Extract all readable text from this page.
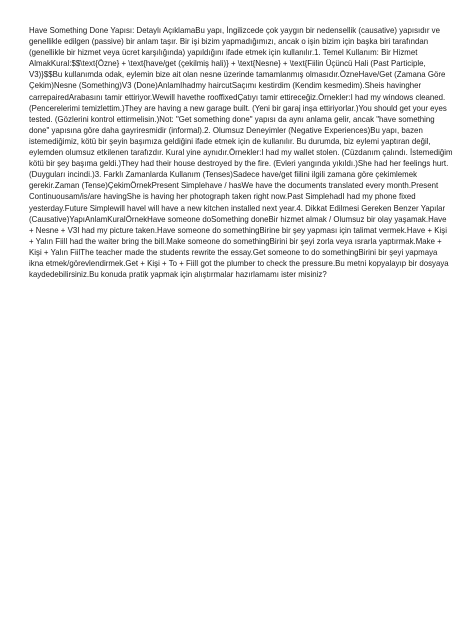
Have Something Done Yapısı: Detaylı AçıklamaBu yapı, İngilizcede çok yaygın bir nedensellik (causative) yapısıdır ve genellikle edilgen (passive) bir anlam taşır. Bir işi bizim yapmadığımızı, ancak o işin bizim için başka biri tarafından (genellikle bir hizmet veya ücret karşılığında) yapıldığını ifade etmek için kullanılır.1. Temel Kullanım: Bir Hizmet AlmakKural:$$\text{Özne} + \text{have/get (çekilmiş hali)} + \text{Nesne} + \text{Fiilin Üçüncü Hali (Past Participle, V3)}$$Bu kullanımda odak, eylemin bize ait olan nesne üzerinde tamamlanmış olmasıdır.ÖzneHave/Get (Zamana Göre Çekim)Nesne (Something)V3 (Done)AnlamIhadmy haircutSaçımı kestirdim (Kendim kesmedim).Sheis havingher carrepairedArabasını tamir ettiriyor.Wewill havethe rooffixedÇatıyı tamir ettireceğiz.Örnekler:I had my windows cleaned. (Pencerelerimi temizlettim.)They are having a new garage built. (Yeni bir garaj inşa ettiriyorlar.)You should get your eyes tested. (Gözlerini kontrol ettirmelisin.)Not: "Get something done" yapısı da aynı anlama gelir, ancak "have something done" yapısına göre daha gayriresmidir (informal).2. Olumsuz Deneyimler (Negative Experiences)Bu yapı, bazen istemediğimiz, kötü bir şeyin başımıza geldiğini ifade etmek için de kullanılır. Bu durumda, biz eylemi yaptıran değil, eylemden olumsuz etkilenen tarafızdır. Kural yine aynıdır.Örnekler:I had my wallet stolen. (Cüzdanım çalındı. İstemediğim kötü bir şey başıma geldi.)They had their house destroyed by the fire. (Evleri yangında yıkıldı.)She had her feelings hurt. (Duyguları incindi.)3. Farklı Zamanlarda Kullanım (Tenses)Sadece have/get fiilini ilgili zamana göre çekimlemek gerekir.Zaman (Tense)ÇekimÖrnekPresent Simplehave / hasWe have the documents translated every month.Present Continuousam/is/are havingShe is having her photograph taken right now.Past SimplehadI had my phone fixed yesterday.Future Simplewill havel will have a new kitchen installed next year.4. Dikkat Edilmesi Gereken Benzer Yapılar (Causative)YapıAnlamKuralÖrnekHave someone doSomething doneBir hizmet almak / Olumsuz bir olay yaşamak.Have + Nesne + V3I had my picture taken.Have someone do somethingBirine bir şey yapması için talimat vermek.Have + Kişi + Yalın FiilI had the waiter bring the bill.Make someone do somethingBirini bir şeyi zorla veya ısrarla yaptırmak.Make + Kişi + Yalın FiilThe teacher made the students rewrite the essay.Get someone to do somethingBirini bir şeyi yapmaya ikna etmek/görevlendirmek.Get + Kişi + To + FiilI got the plumber to check the pressure.Bu metni kopyalayıp bir dosyaya kaydedebilirsiniz.Bu konuda pratik yapmak için alıştırmalar hazırlamamı ister misiniz?
